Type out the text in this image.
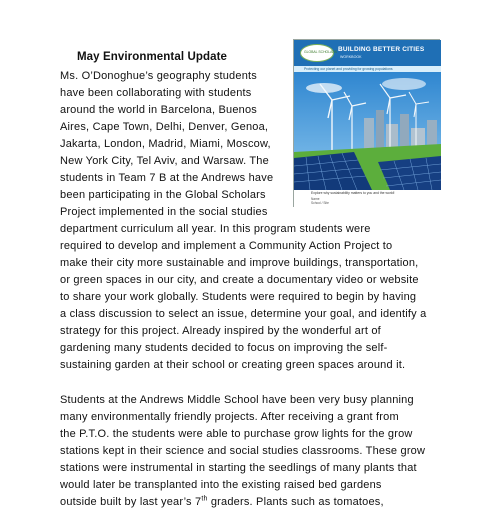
May Environmental Update
Ms. O’Donoghue’s geography students
have been collaborating with students
around the world in Barcelona, Buenos
Aires, Cape Town, Delhi, Denver, Genoa,
Jakarta, London, Madrid, Miami, Moscow,
New York City, Tel Aviv, and Warsaw. The
students in Team 7 B at the Andrews have
been participating in the Global Scholars
Project implemented in the social studies
department curriculum all year. In this program students were
required to develop and implement a Community Action Project to
make their city more sustainable and improve buildings, transportation,
or green spaces in our city, and create a documentary video or website
to share your work globally. Students were required to begin by having
a class discussion to select an issue, determine your goal, and identify a
strategy for this project. Already inspired by the wonderful art of
gardening many students decided to focus on improving the self-
sustaining garden at their school or creating green spaces around it.
Students at the Andrews Middle School have been very busy planning
many environmentally friendly projects. After receiving a grant from
the P.T.O. the students were able to purchase grow lights for the grow
stations kept in their science and social studies classrooms. These grow
stations were instrumental in starting the seedlings of many plants that
would later be transplanted into the existing raised bed gardens
outside built by last year’s 7th graders. Plants such as tomatoes,
GLOBAL SCHOLARS BUILDING BETTER CITIES
WORKBOOK
Protecting our planet and providing for growing populations
Explore why sustainability matters to you and the world!
Name
School / Site
